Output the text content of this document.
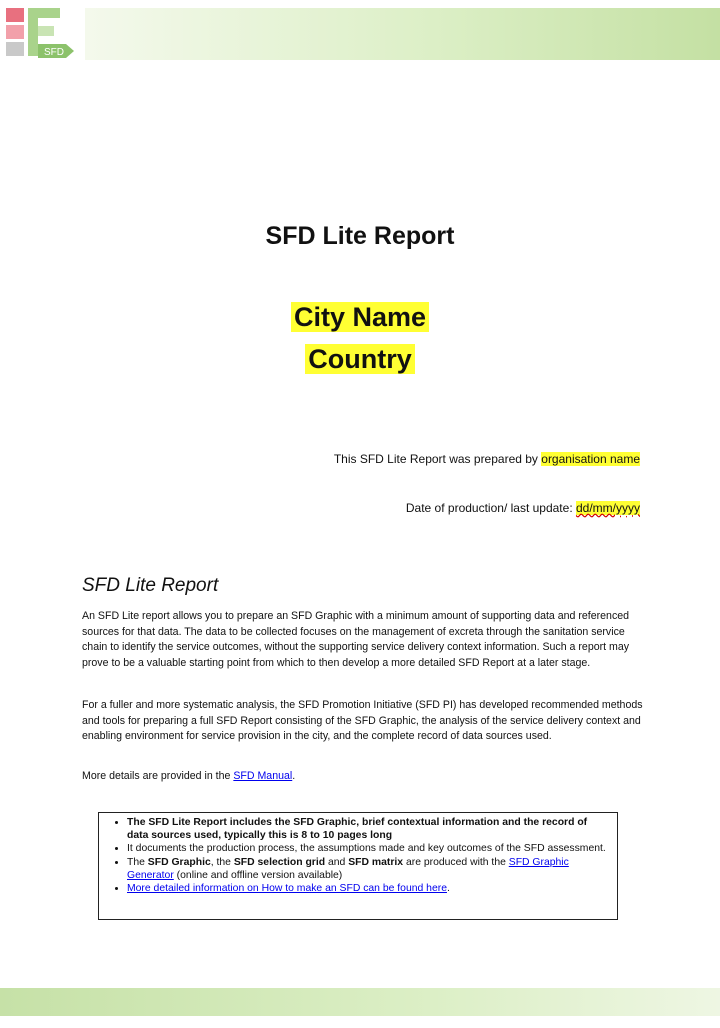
SFD
SFD Lite Report
City Name
Country
This SFD Lite Report was prepared by organisation name
Date of production/ last update: dd/mm/yyyy
SFD Lite Report

An SFD Lite report allows you to prepare an SFD Graphic with a minimum amount of supporting data and referenced sources for that data. The data to be collected focuses on the management of excreta through the sanitation service chain to identify the service outcomes, without the supporting service delivery context information. Such a report may prove to be a valuable starting point from which to then develop a more detailed SFD Report at a later stage.

For a fuller and more systematic analysis, the SFD Promotion Initiative (SFD PI) has developed recommended methods and tools for preparing a full SFD Report consisting of the SFD Graphic, the analysis of the service delivery context and enabling environment for service provision in the city, and the complete record of data sources used.

More details are provided in the SFD Manual.

• The SFD Lite Report includes the SFD Graphic, brief contextual information and the record of data sources used, typically this is 8 to 10 pages long
• It documents the production process, the assumptions made and key outcomes of the SFD assessment.
• The SFD Graphic, the SFD selection grid and SFD matrix are produced with the SFD Graphic Generator (online and offline version available)
• More detailed information on How to make an SFD can be found here.
